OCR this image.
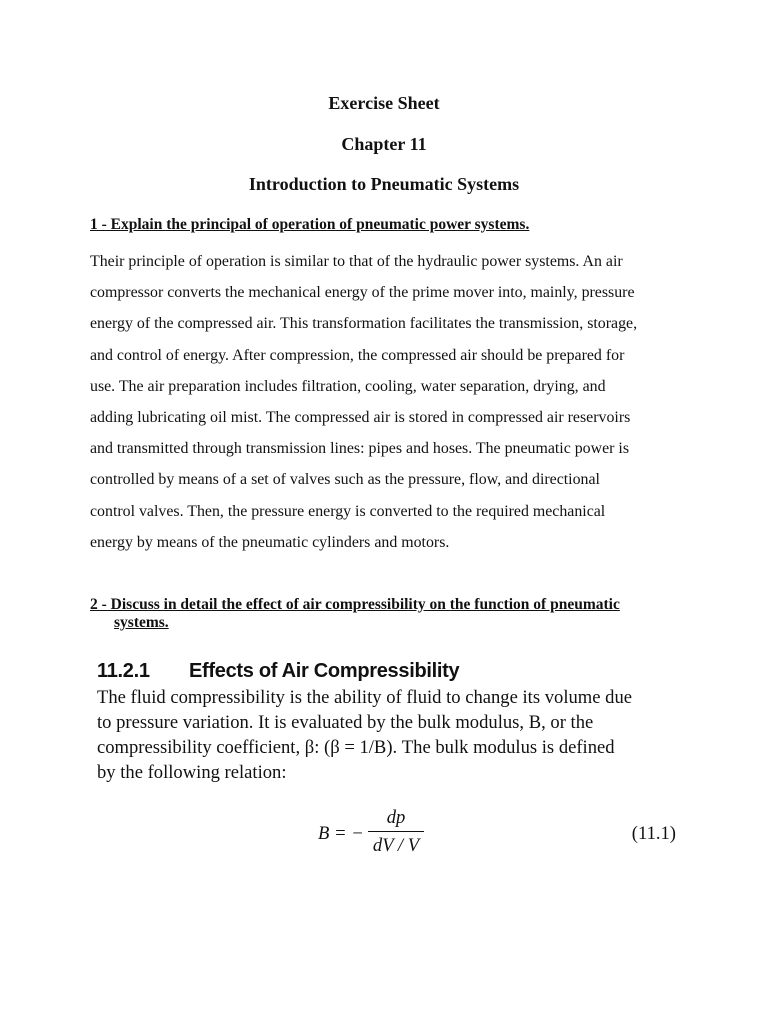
Exercise Sheet
Chapter 11
Introduction to Pneumatic Systems
1 - Explain the principal of operation of pneumatic power systems.
Their principle of operation is similar to that of the hydraulic power systems. An air
compressor converts the mechanical energy of the prime mover into, mainly, pressure
energy of the compressed air. This transformation facilitates the transmission, storage,
and control of energy. After compression, the compressed air should be prepared for
use. The air preparation includes filtration, cooling, water separation, drying, and
adding lubricating oil mist. The compressed air is stored in compressed air reservoirs
and transmitted through transmission lines: pipes and hoses. The pneumatic power is
controlled by means of a set of valves such as the pressure, flow, and directional
control valves. Then, the pressure energy is converted to the required mechanical
energy by means of the pneumatic cylinders and motors.
2 - Discuss in detail the effect of air compressibility on the function of pneumatic
systems.
11.2.1 Effects of Air Compressibility
The fluid compressibility is the ability of fluid to change its volume due
to pressure variation. It is evaluated by the bulk modulus, B, or the
compressibility coefficient, β: (β = 1/B). The bulk modulus is defined
by the following relation:
B = −
dp
dV / V
(11.1)
